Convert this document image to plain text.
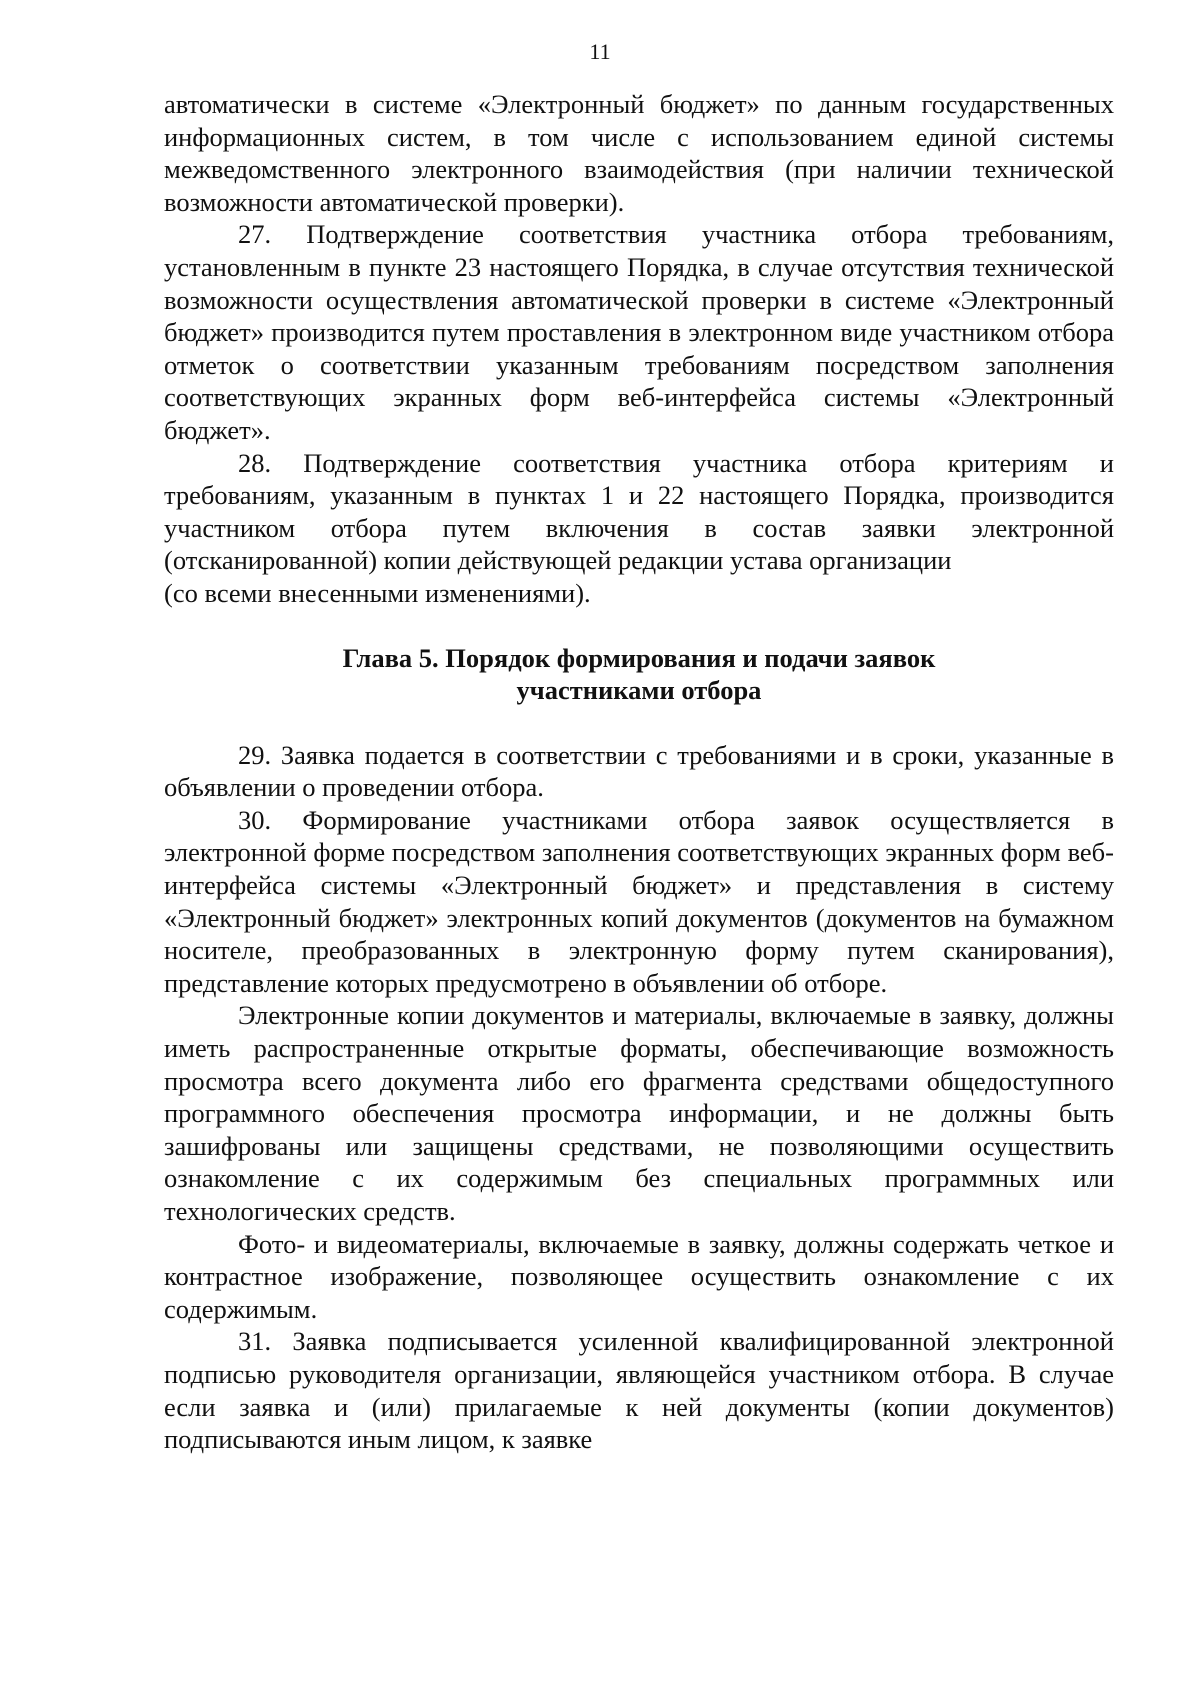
11

автоматически в системе «Электронный бюджет» по данным государственных информационных систем, в том числе с использованием единой системы межведомственного электронного взаимодействия (при наличии технической возможности автоматической проверки).

27. Подтверждение соответствия участника отбора требованиям, установленным в пункте 23 настоящего Порядка, в случае отсутствия технической возможности осуществления автоматической проверки в системе «Электронный бюджет» производится путем проставления в электронном виде участником отбора отметок о соответствии указанным требованиям посредством заполнения соответствующих экранных форм веб-интерфейса системы «Электронный бюджет».

28. Подтверждение соответствия участника отбора критериям и требованиям, указанным в пунктах 1 и 22 настоящего Порядка, производится участником отбора путем включения в состав заявки электронной (отсканированной) копии действующей редакции устава организации

(со всеми внесенными изменениями).

Глава 5. Порядок формирования и подачи заявок
участниками отбора

29. Заявка подается в соответствии с требованиями и в сроки, указанные в объявлении о проведении отбора.

30. Формирование участниками отбора заявок осуществляется в электронной форме посредством заполнения соответствующих экранных форм веб-интерфейса системы «Электронный бюджет» и представления в систему «Электронный бюджет» электронных копий документов (документов на бумажном носителе, преобразованных в электронную форму путем сканирования), представление которых предусмотрено в объявлении об отборе.

Электронные копии документов и материалы, включаемые в заявку, должны иметь распространенные открытые форматы, обеспечивающие возможность просмотра всего документа либо его фрагмента средствами общедоступного программного обеспечения просмотра информации, и не должны быть зашифрованы или защищены средствами, не позволяющими осуществить ознакомление с их содержимым без специальных программных или технологических средств.

Фото- и видеоматериалы, включаемые в заявку, должны содержать четкое и контрастное изображение, позволяющее осуществить ознакомление с их содержимым.

31. Заявка подписывается усиленной квалифицированной электронной подписью руководителя организации, являющейся участником отбора. В случае если заявка и (или) прилагаемые к ней документы (копии документов) подписываются иным лицом, к заявке
